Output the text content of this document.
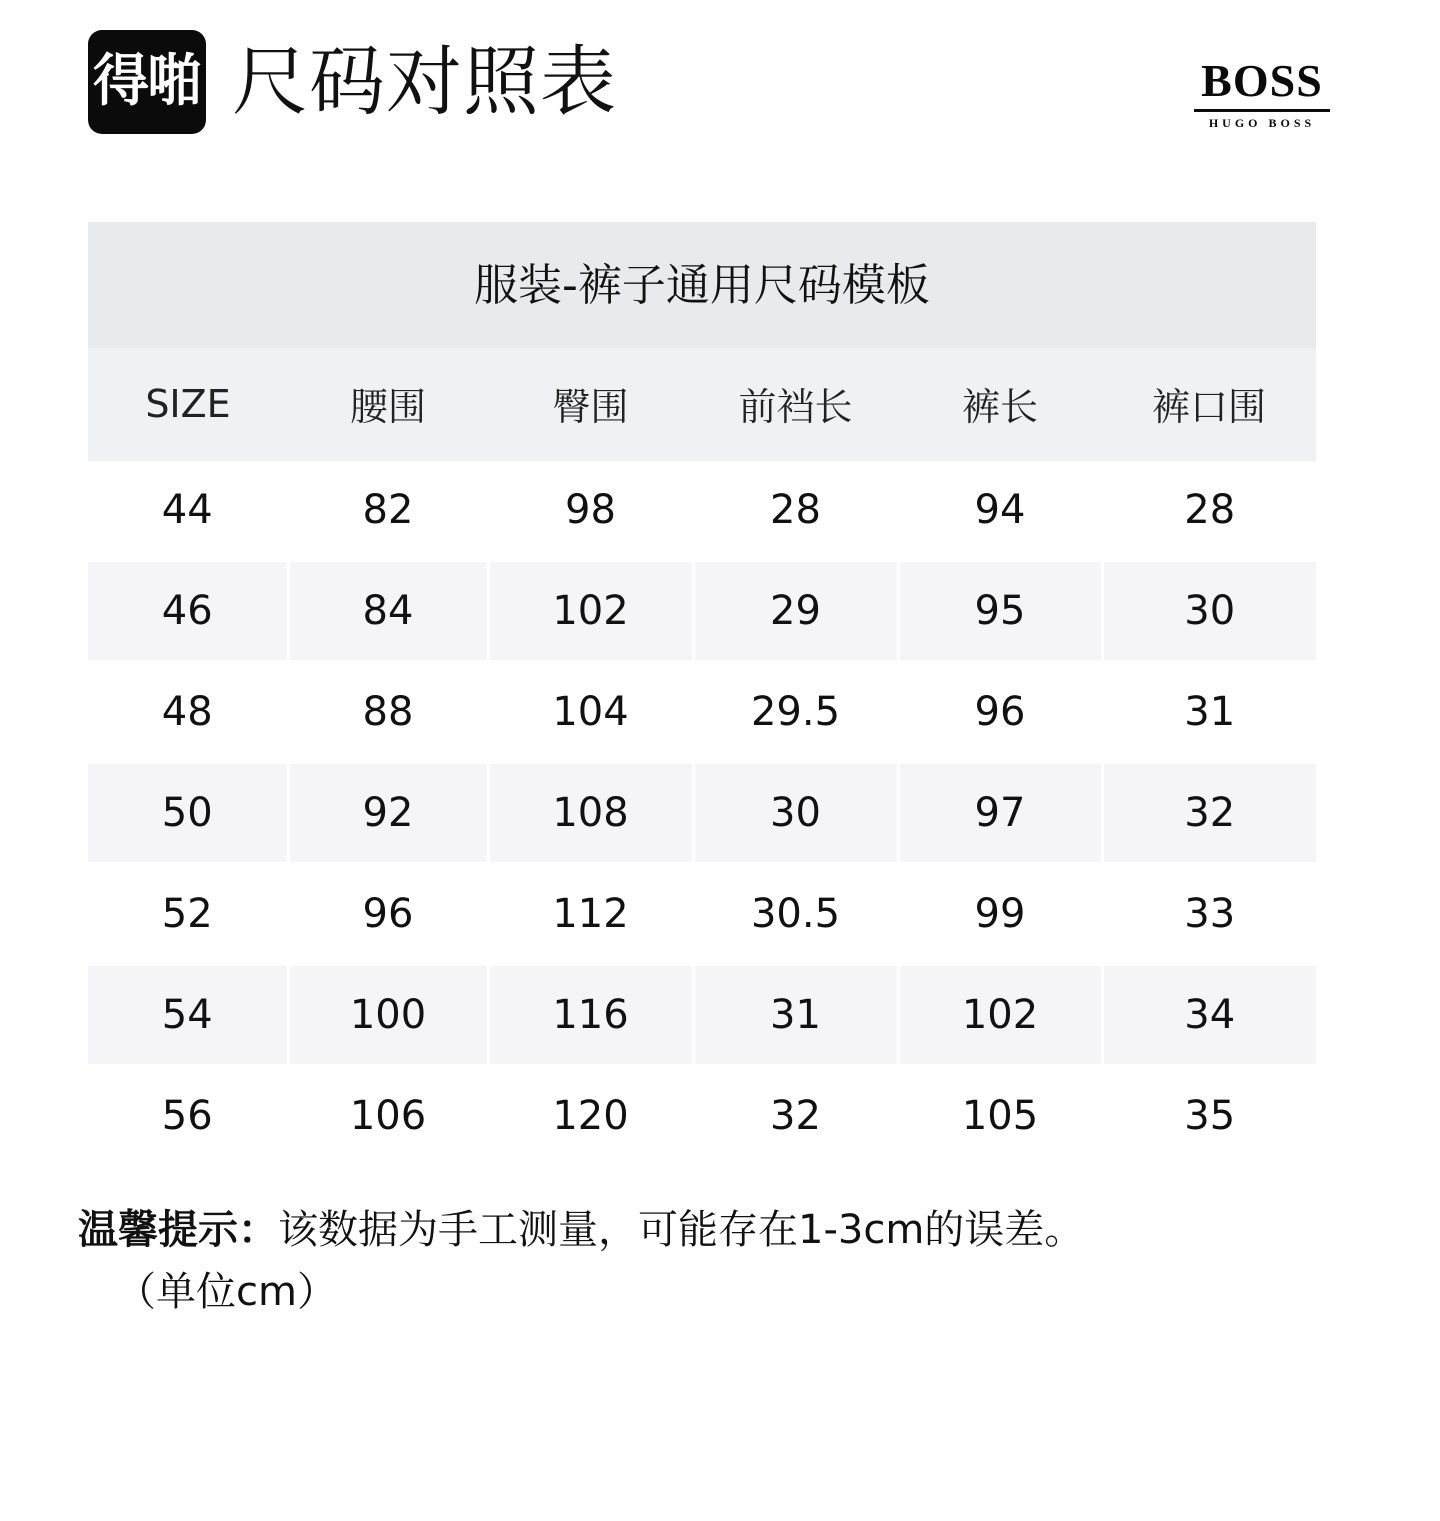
得啪 尺码对照表	BOSS
HUGO BOSS
服装-裤子通用尺码模板
SIZE	腰围	臀围	前裆长	裤长	裤口围
44	82	98	28	94	28
46	84	102	29	95	30
48	88	104	29.5	96	31
50	92	108	30	97	32
52	96	112	30.5	99	33
54	100	116	31	102	34
56	106	120	32	105	35
温馨提示：该数据为手工测量，可能存在1-3cm的误差。
（单位cm）
